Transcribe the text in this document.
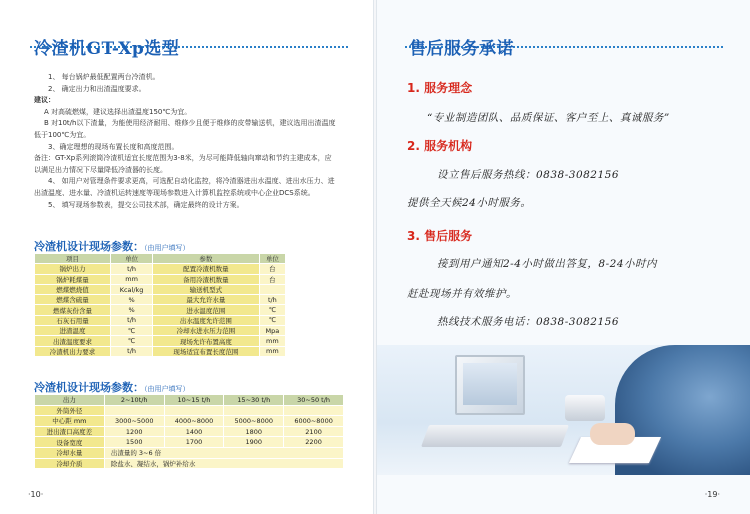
冷渣机GT-Xp选型
1、 每台锅炉最低配置两台冷渣机。
2、 确定出力和出渣温度要求。
建议：
A 对高硫燃煤，建议选择出渣温度150℃为宜。
B 对10t/h以下渣量，为能使用经济耐用、维修少且便于维修的皮带输送机，建议选用出渣温度
低于100℃为宜。
3、确定理想的现场布置长度和高度范围。
备注：GT-Xp系列滚筒冷渣机适宜长度范围为3-8米，为尽可能降低轴向窜动和节约主建成本，应
以满足出力情况下尽量降低冷渣器的长度。
4、 如用户对管理条件要求更高，可选配自动化监控，将冷渣器进出水温度、进出水压力、进
出渣温度、进水量、冷渣机运转速度等现场参数进入计算机监控系统或中心企业DCS系统。
5、 填写现场参数表，提交公司技术部，确定最终的设计方案。
冷渣机设计现场参数：（由用户填写）
项目	单位	参数	单位
锅炉出力	t/h	配置冷渣机数量	台
锅炉耗煤量	mm	备用冷渣机数量	台
燃煤燃烧值	Kcal/kg	输送机型式	
燃煤含硫量	%	最大允许水量	t/h
燃煤灰份含量	%	进水温度范围	℃
石灰石用量	t/h	出水温度允许范围	℃
进渣温度	℃	冷却水进水压力范围	Mpa
出渣温度要求	℃	现场允许布置高度	mm
冷渣机出力要求	t/h	现场适宜布置长度范围	mm
冷渣机设计现场参数：（由用户填写）
出力	2~10t/h	10~15 t/h	15~30 t/h	30~50 t/h
外筒外径				
中心距 mm	3000~5000	4000~8000	5000~8000	6000~8000
进出渣口高度差	1200	1400	1800	2100
设备宽度	1500	1700	1900	2200
冷却水量	出渣量的 3~6 倍			
冷却介质	除盐水、凝结水，锅炉补给水			
·10·
售后服务承诺
1. 服务理念
“专业制造团队、品质保证、客户至上、真诚服务”
2. 服务机构
设立售后服务热线：0838-3082156
提供全天候24小时服务。
3. 售后服务
接到用户通知2-4小时做出答复，8-24小时内
赶赴现场并有效维护。
热线技术服务电话：0838-3082156
·19·
